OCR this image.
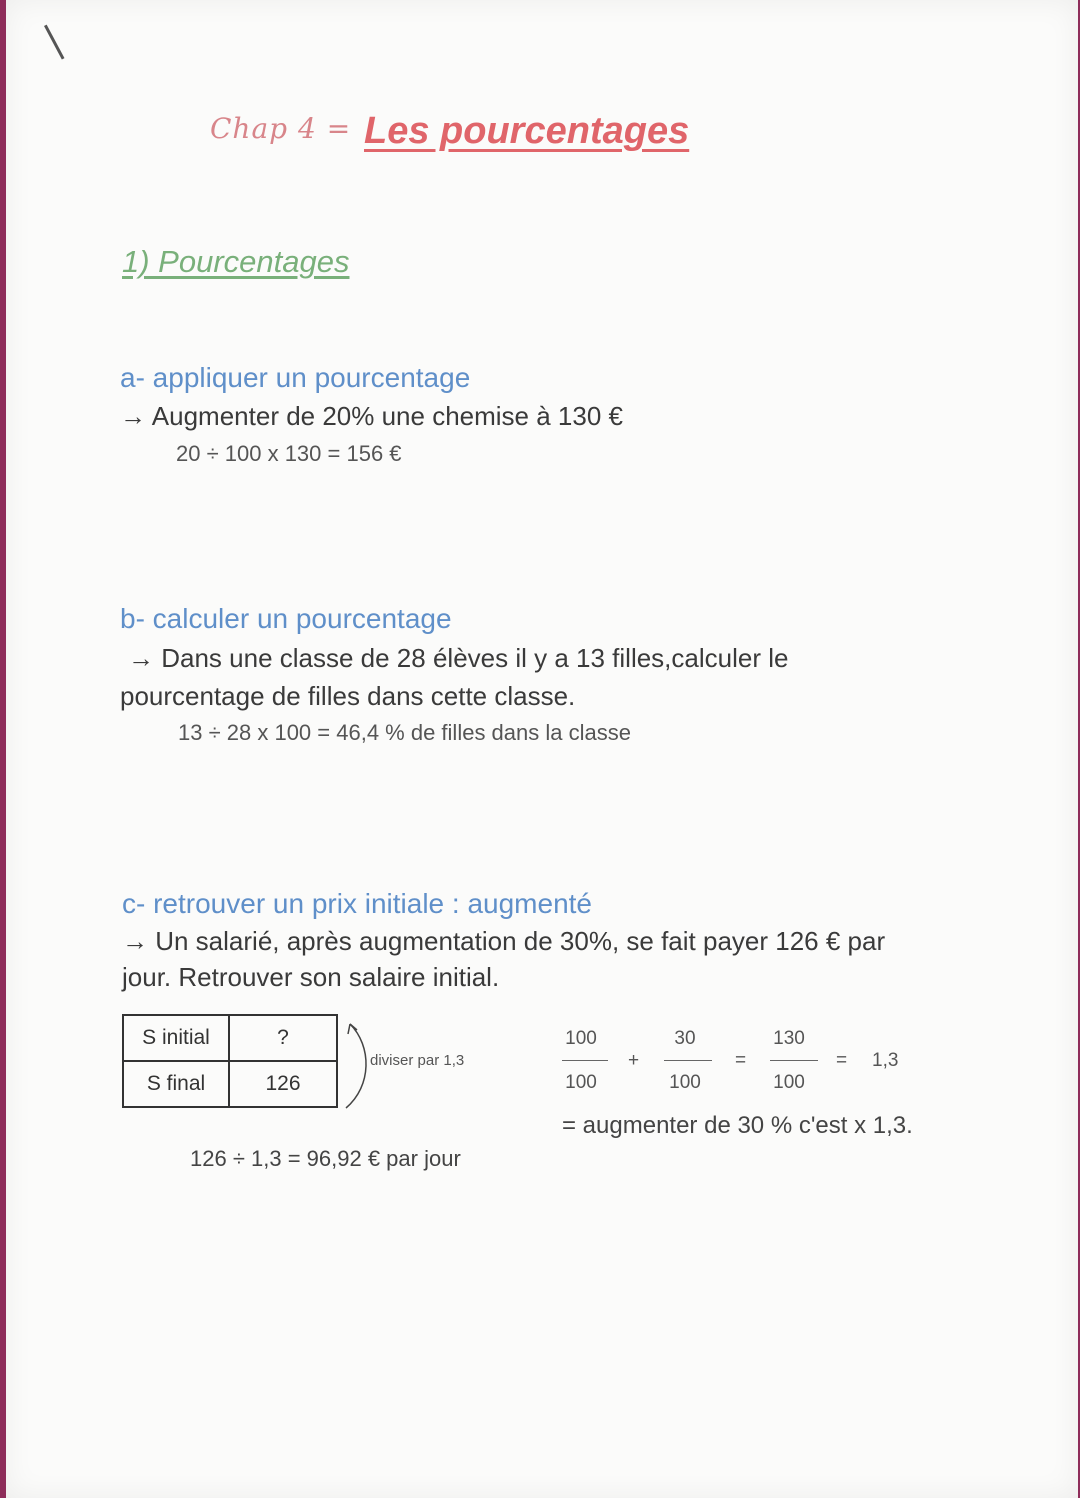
Chap 4 = Les pourcentages
1) Pourcentages
a- appliquer un pourcentage
→ Augmenter de 20% une chemise à 130 €
20 ÷ 100 x 130 = 156 €
b- calculer un pourcentage
→ Dans une classe de 28 élèves il y a 13 filles,calculer le
pourcentage de filles dans cette classe.
13 ÷ 28 x 100 = 46,4 % de filles dans la classe
c- retrouver un prix initiale : augmenté
→ Un salarié, après augmentation de 30%, se fait payer 126 € par
jour. Retrouver son salaire initial.
S initial	?
S final	126
diviser par 1,3
100
100
+
30
100
=
130
100
= 1,3
= augmenter de 30 % c'est x 1,3.
126 ÷ 1,3 = 96,92 € par jour
